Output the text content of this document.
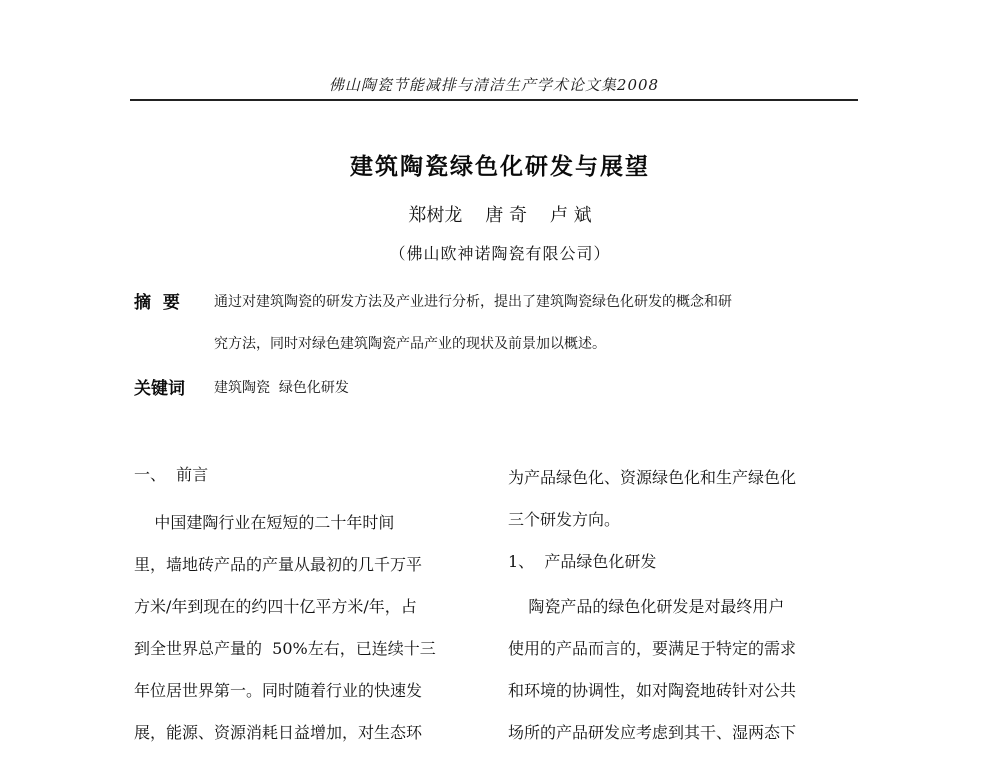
佛山陶瓷节能减排与清洁生产学术论文集2008
建筑陶瓷绿色化研发与展望
郑树龙    唐 奇    卢 斌
（佛山欧神诺陶瓷有限公司）
摘  要 通过对建筑陶瓷的研发方法及产业进行分析，提出了建筑陶瓷绿色化研发的概念和研
究方法，同时对绿色建筑陶瓷产品产业的现状及前景加以概述。
关键词 建筑陶瓷  绿色化研发
一、  前言
中国建陶行业在短短的二十年时间
里，墙地砖产品的产量从最初的几千万平
方米/年到现在的约四十亿平方米/年，占
到全世界总产量的  50%左右，已连续十三
年位居世界第一。同时随着行业的快速发
展，能源、资源消耗日益增加，对生态环
为产品绿色化、资源绿色化和生产绿色化
三个研发方向。
1、  产品绿色化研发
陶瓷产品的绿色化研发是对最终用户
使用的产品而言的，要满足于特定的需求
和环境的协调性，如对陶瓷地砖针对公共
场所的产品研发应考虑到其干、湿两态下
